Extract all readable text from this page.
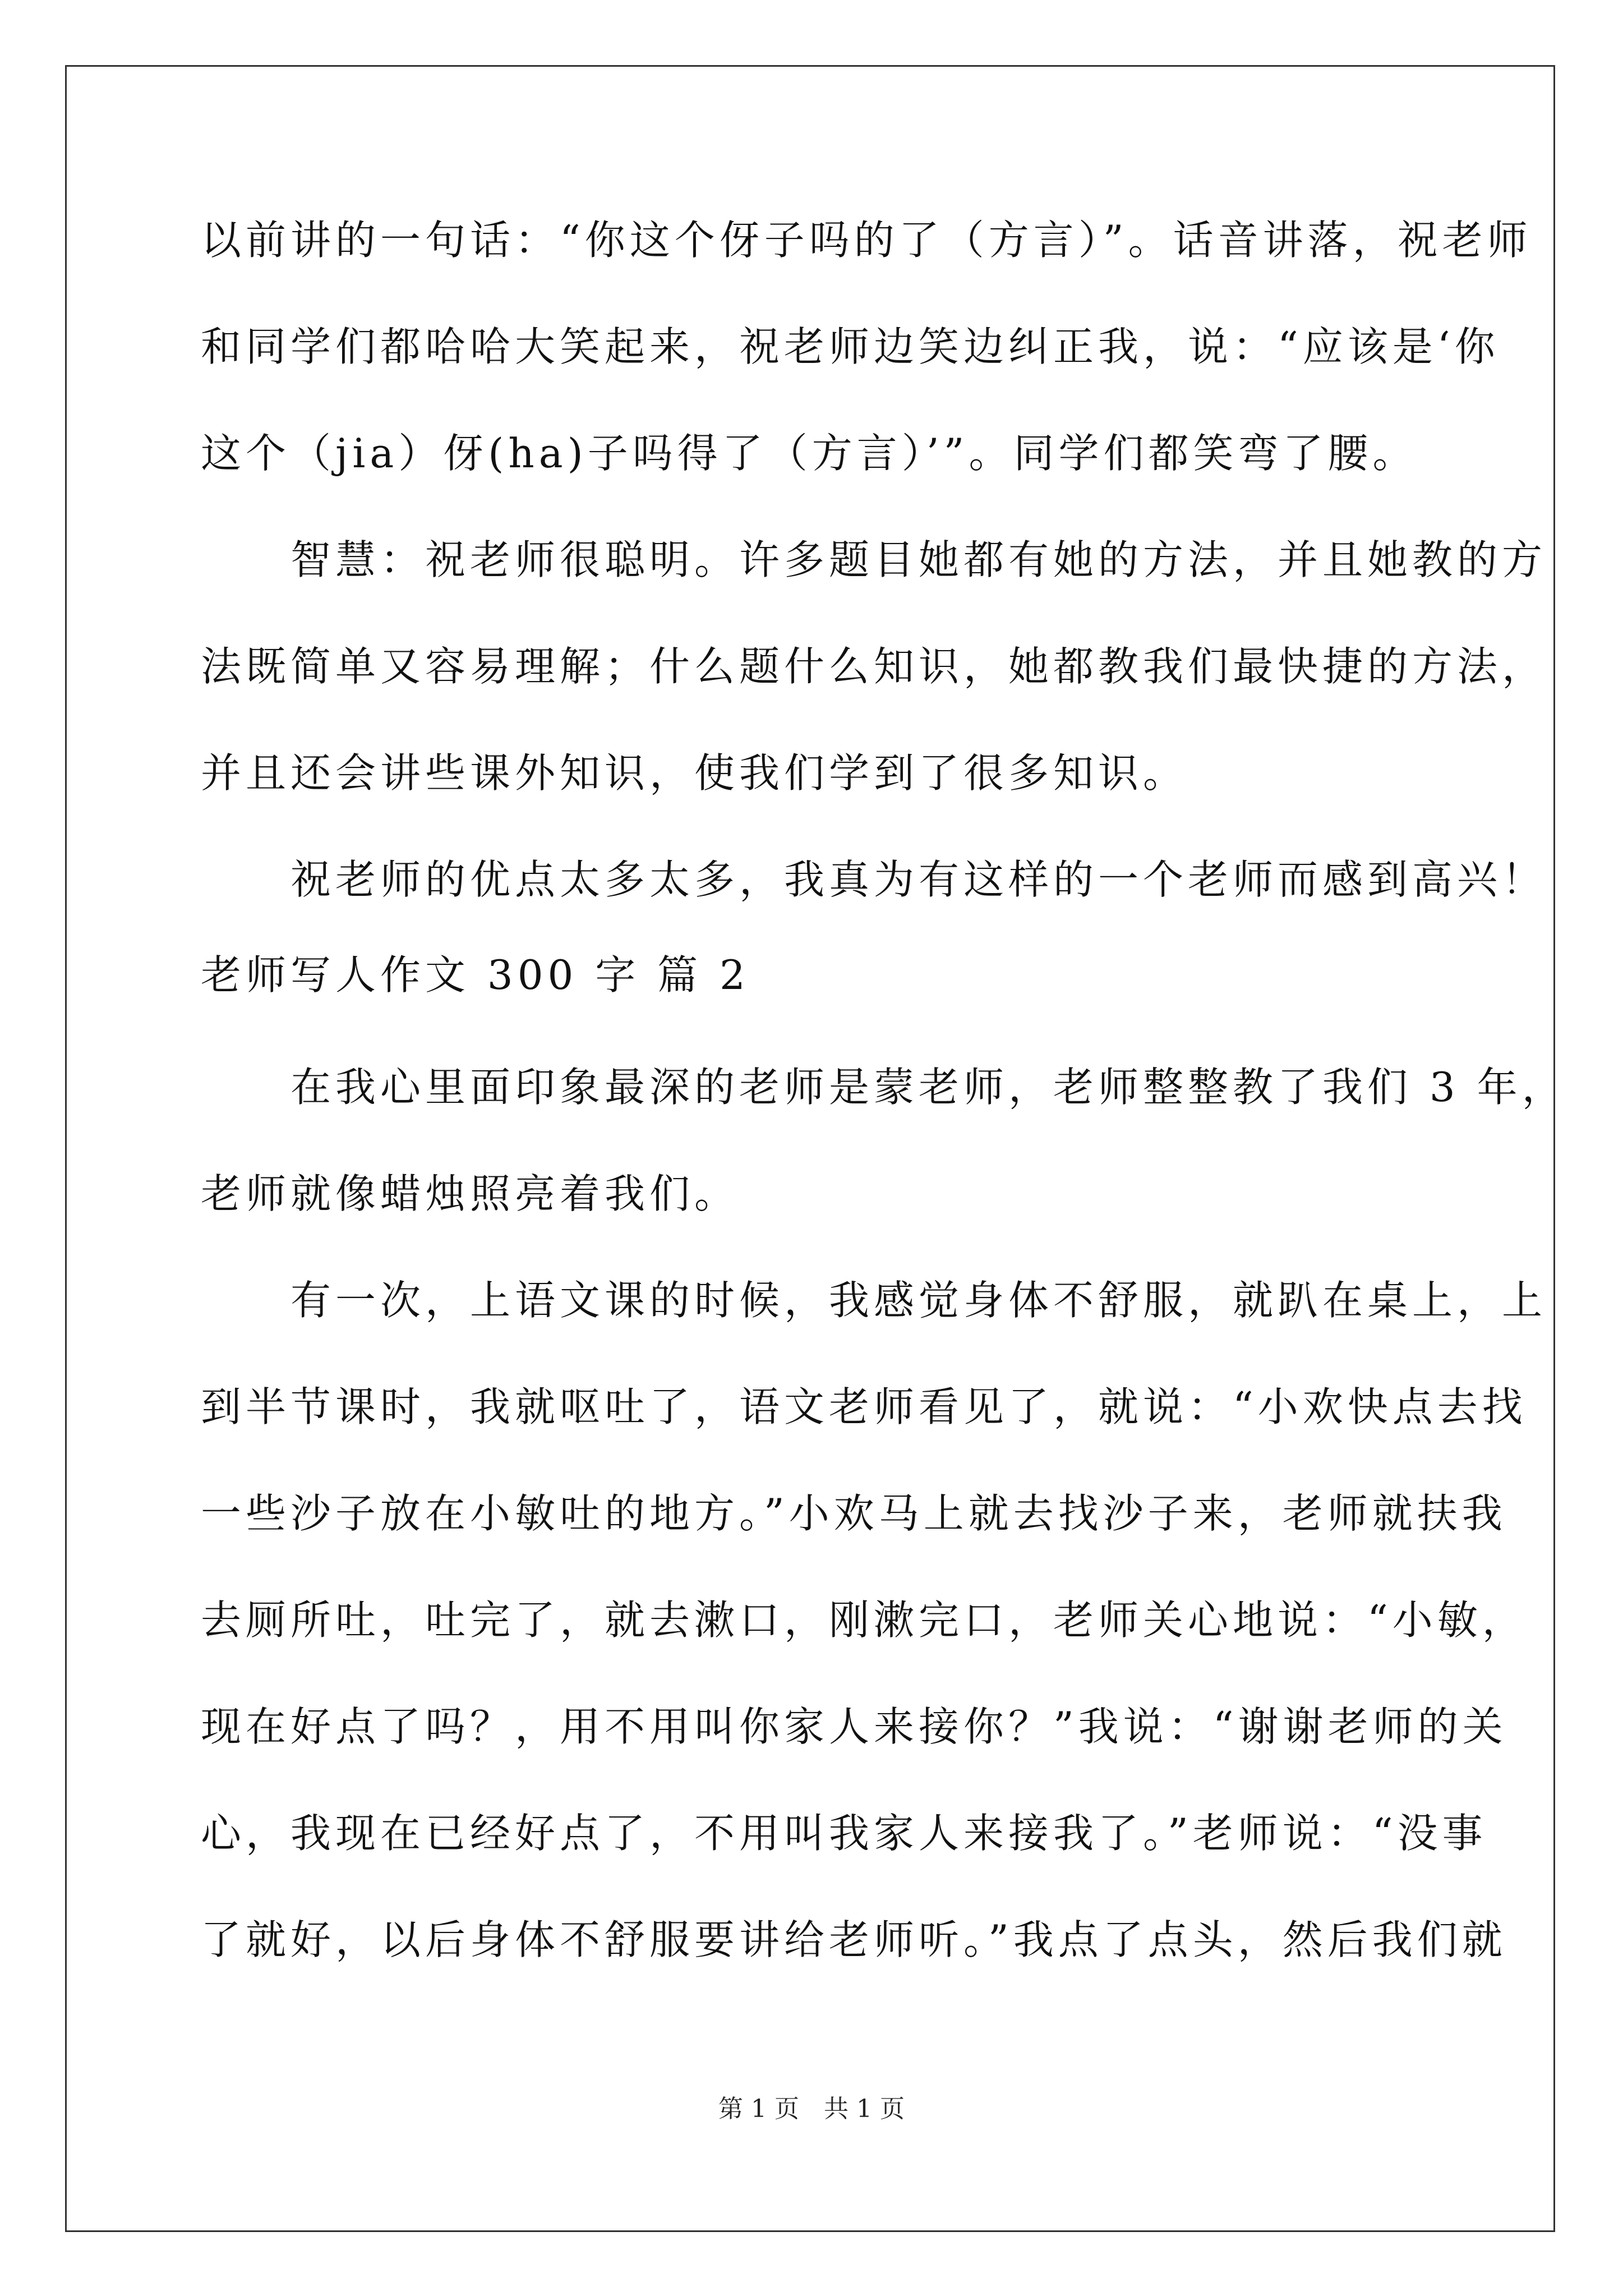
以前讲的一句话：“你这个伢子吗的了（方言）”。话音讲落，祝老师
和同学们都哈哈大笑起来，祝老师边笑边纠正我，说：“应该是‘你
这个（jia）伢(ha)子吗得了（方言）’”。同学们都笑弯了腰。
　　智慧：祝老师很聪明。许多题目她都有她的方法，并且她教的方
法既简单又容易理解；什么题什么知识，她都教我们最快捷的方法，
并且还会讲些课外知识，使我们学到了很多知识。
　　祝老师的优点太多太多，我真为有这样的一个老师而感到高兴！
老师写人作文 300 字 篇 2
　　在我心里面印象最深的老师是蒙老师，老师整整教了我们 3 年，
老师就像蜡烛照亮着我们。
　　有一次，上语文课的时候，我感觉身体不舒服，就趴在桌上，上
到半节课时，我就呕吐了，语文老师看见了，就说：“小欢快点去找
一些沙子放在小敏吐的地方。”小欢马上就去找沙子来，老师就扶我
去厕所吐，吐完了，就去漱口，刚漱完口，老师关心地说：“小敏，
现在好点了吗？，用不用叫你家人来接你？”我说：“谢谢老师的关
心，我现在已经好点了，不用叫我家人来接我了。”老师说：“没事
了就好，以后身体不舒服要讲给老师听。”我点了点头，然后我们就
第 1 页　共 1 页
